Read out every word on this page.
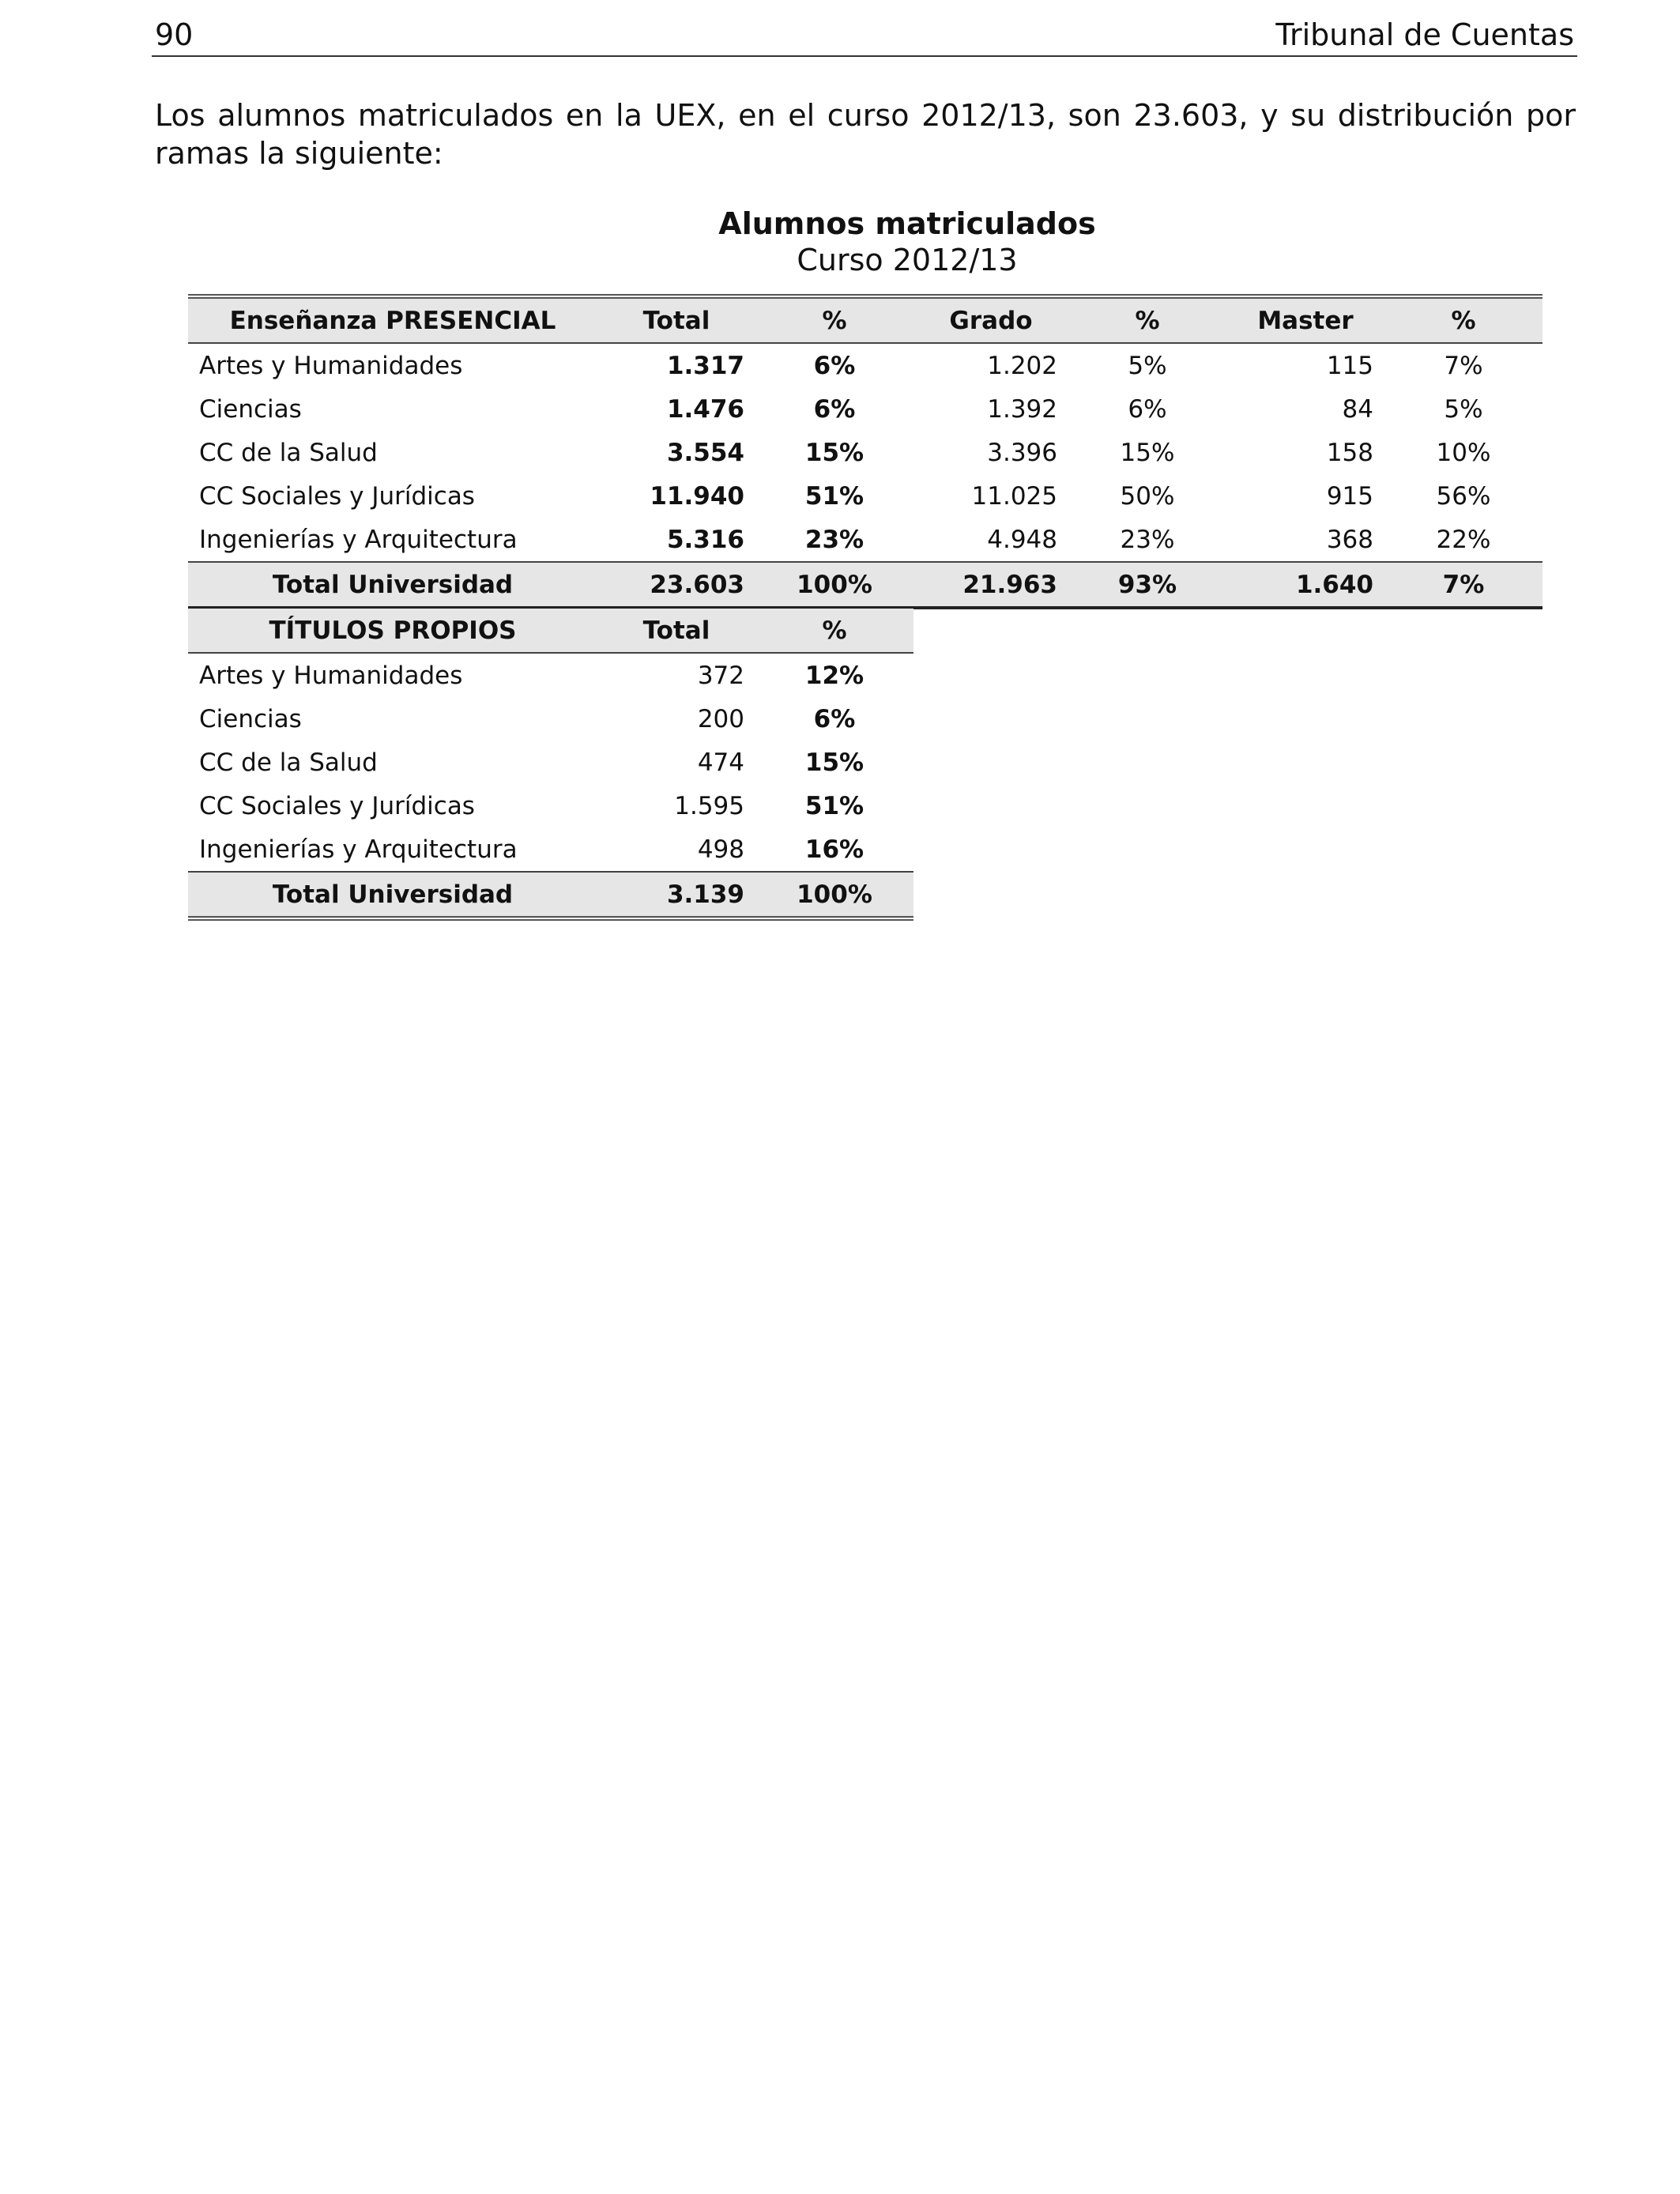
90	Tribunal de Cuentas
Los alumnos matriculados en la UEX, en el curso 2012/13, son 23.603, y su distribución por ramas la siguiente:
Alumnos matriculados
Curso 2012/13
Enseñanza PRESENCIAL	Total	%	Grado	%	Master	%
Artes y Humanidades	1.317	6%	1.202	5%	115	7%
Ciencias	1.476	6%	1.392	6%	84	5%
CC de la Salud	3.554	15%	3.396	15%	158	10%
CC Sociales y Jurídicas	11.940	51%	11.025	50%	915	56%
Ingenierías y Arquitectura	5.316	23%	4.948	23%	368	22%
Total Universidad	23.603	100%	21.963	93%	1.640	7%
TÍTULOS PROPIOS	Total	%
Artes y Humanidades	372	12%
Ciencias	200	6%
CC de la Salud	474	15%
CC Sociales y Jurídicas	1.595	51%
Ingenierías y Arquitectura	498	16%
Total Universidad	3.139	100%
